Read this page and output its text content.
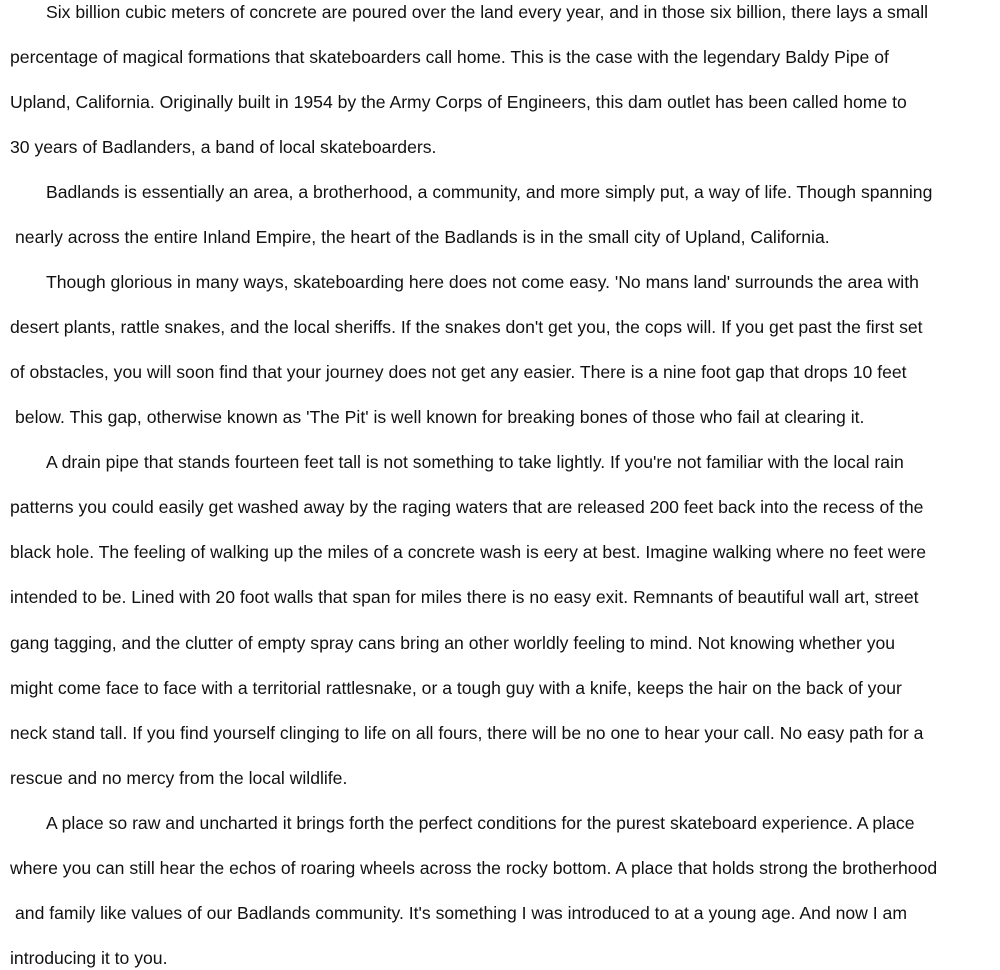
Six billion cubic meters of concrete are poured over the land every year, and in those six billion, there lays a small
percentage of magical formations that skateboarders call home. This is the case with the legendary Baldy Pipe of
Upland, California. Originally built in 1954 by the Army Corps of Engineers, this dam outlet has been called home to
30 years of Badlanders, a band of local skateboarders.
Badlands is essentially an area, a brotherhood, a community, and more simply put, a way of life. Though spanning
nearly across the entire Inland Empire, the heart of the Badlands is in the small city of Upland, California.
Though glorious in many ways, skateboarding here does not come easy. 'No mans land' surrounds the area with
desert plants, rattle snakes, and the local sheriffs. If the snakes don't get you, the cops will. If you get past the first set
of obstacles, you will soon find that your journey does not get any easier. There is a nine foot gap that drops 10 feet
below. This gap, otherwise known as 'The Pit' is well known for breaking bones of those who fail at clearing it.
A drain pipe that stands fourteen feet tall is not something to take lightly. If you're not familiar with the local rain
patterns you could easily get washed away by the raging waters that are released 200 feet back into the recess of the
black hole. The feeling of walking up the miles of a concrete wash is eery at best. Imagine walking where no feet were
intended to be. Lined with 20 foot walls that span for miles there is no easy exit. Remnants of beautiful wall art, street
gang tagging, and the clutter of empty spray cans bring an other worldly feeling to mind. Not knowing whether you
might come face to face with a territorial rattlesnake, or a tough guy with a knife, keeps the hair on the back of your
neck stand tall. If you find yourself clinging to life on all fours, there will be no one to hear your call. No easy path for a
rescue and no mercy from the local wildlife.
A place so raw and uncharted it brings forth the perfect conditions for the purest skateboard experience. A place
where you can still hear the echos of roaring wheels across the rocky bottom. A place that holds strong the brotherhood
and family like values of our Badlands community. It's something I was introduced to at a young age. And now I am
introducing it to you.
